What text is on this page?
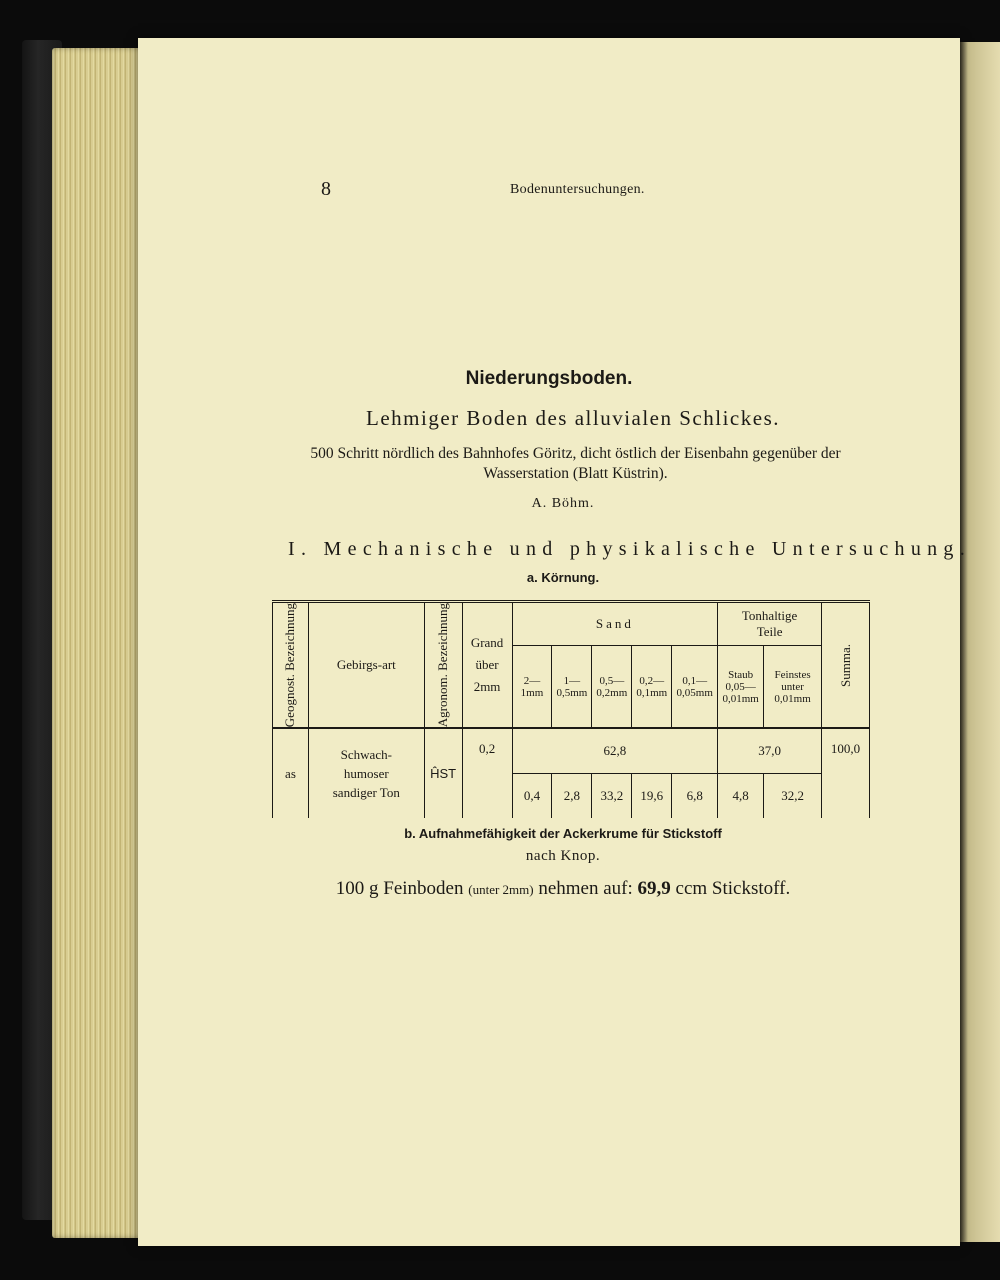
8	Bodenuntersuchungen.
Niederungsboden.
Lehmiger Boden des alluvialen Schlickes.
500 Schritt nördlich des Bahnhofes Göritz, dicht östlich der Eisenbahn gegenüber der Wasserstation (Blatt Küstrin).
A. Böhm.
I. Mechanische und physikalische Untersuchung.
a. Körnung.
Geognost. Bezeichnung	Gebirgs-art	Agronom. Bezeichnung	Grand über 2mm	Sand					Tonhaltige Teile		Summa.

				2— 1mm	1— 0,5mm	0,5— 0,2mm	0,2— 0,1mm	0,1— 0,05mm	Staub 0,05— 0,01mm	Feinstes unter 0,01mm	
as	Schwach-humoser sandiger Ton	ĤST	0,2	62,8					37,0		100,0
				0,4	2,8	33,2	19,6	6,8	4,8	32,2	
b. Aufnahmefähigkeit der Ackerkrume für Stickstoff
nach Knop.
100 g Feinboden (unter 2mm) nehmen auf: 69,9 ccm Stickstoff.
